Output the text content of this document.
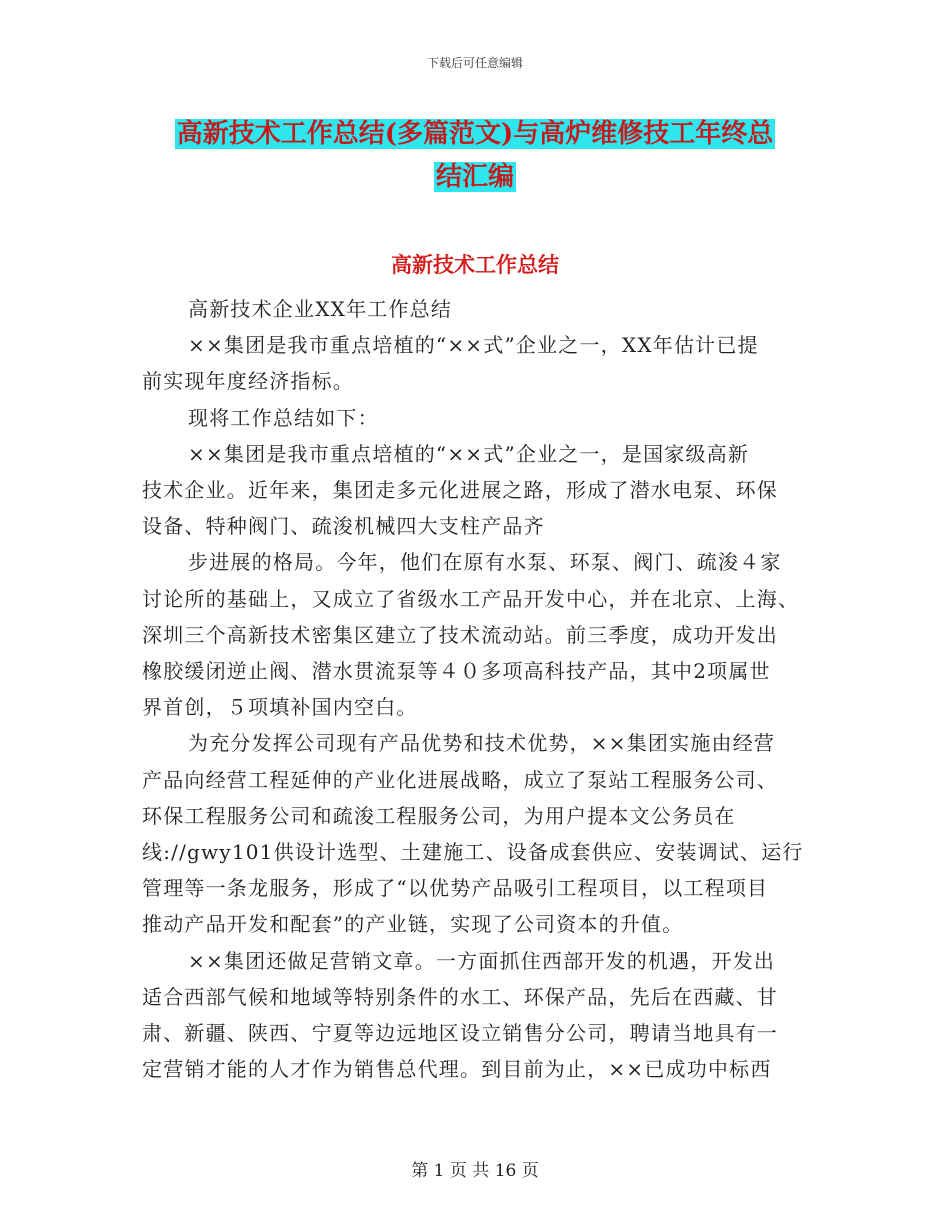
下载后可任意编辑
高新技术工作总结(多篇范文)与高炉维修技工年终总
结汇编
高新技术工作总结

高新技术企业XX年工作总结

××集团是我市重点培植的“××式”企业之一，XX年估计已提

前实现年度经济指标。

现将工作总结如下：

××集团是我市重点培植的“××式”企业之一，是国家级高新

技术企业。近年来，集团走多元化进展之路，形成了潜水电泵、环保

设备、特种阀门、疏浚机械四大支柱产品齐

步进展的格局。今年，他们在原有水泵、环泵、阀门、疏浚４家

讨论所的基础上，又成立了省级水工产品开发中心，并在北京、上海、

深圳三个高新技术密集区建立了技术流动站。前三季度，成功开发出

橡胶缓闭逆止阀、潜水贯流泵等４０多项高科技产品，其中2项属世

界首创，５项填补国内空白。

为充分发挥公司现有产品优势和技术优势，××集团实施由经营

产品向经营工程延伸的产业化进展战略，成立了泵站工程服务公司、

环保工程服务公司和疏浚工程服务公司，为用户提本文公务员在

线://gwy101供设计选型、土建施工、设备成套供应、安装调试、运行

管理等一条龙服务，形成了“以优势产品吸引工程项目，以工程项目

推动产品开发和配套”的产业链，实现了公司资本的升值。

××集团还做足营销文章。一方面抓住西部开发的机遇，开发出

适合西部气候和地域等特别条件的水工、环保产品，先后在西藏、甘

肃、新疆、陕西、宁夏等边远地区设立销售分公司，聘请当地具有一

定营销才能的人才作为销售总代理。到目前为止，××已成功中标西

第 1 页 共 16 页
